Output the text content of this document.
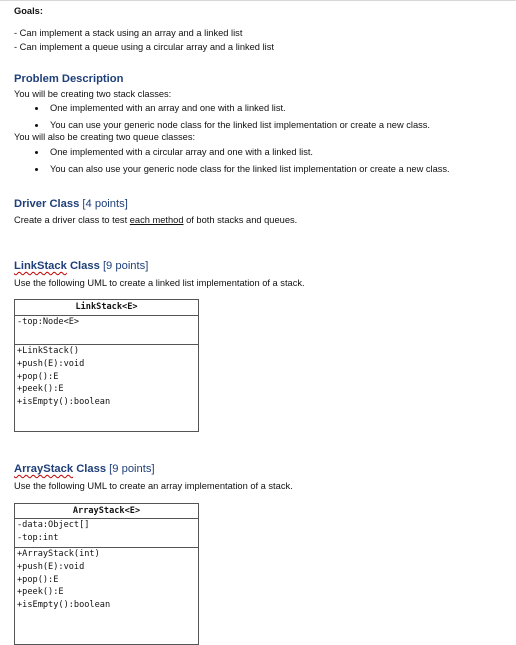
Goals:
- Can implement a stack using an array and a linked list
- Can implement a queue using a circular array and a linked list
Problem Description
You will be creating two stack classes:
One implemented with an array and one with a linked list.
You can use your generic node class for the linked list implementation or create a new class.
You will also be creating two queue classes:
One implemented with a circular array and one with a linked list.
You can also use your generic node class for the linked list implementation or create a new class.
Driver Class [4 points]
Create a driver class to test each method of both stacks and queues.
LinkStack Class [9 points]
Use the following UML to create a linked list implementation of a stack.
LinkStack<E>
-top:Node<E>
+LinkStack()
+push(E):void
+pop():E
+peek():E
+isEmpty():boolean
ArrayStack Class [9 points]
Use the following UML to create an array implementation of a stack.
ArrayStack<E>
-data:Object[]
-top:int
+ArrayStack(int)
+push(E):void
+pop():E
+peek():E
+isEmpty():boolean
